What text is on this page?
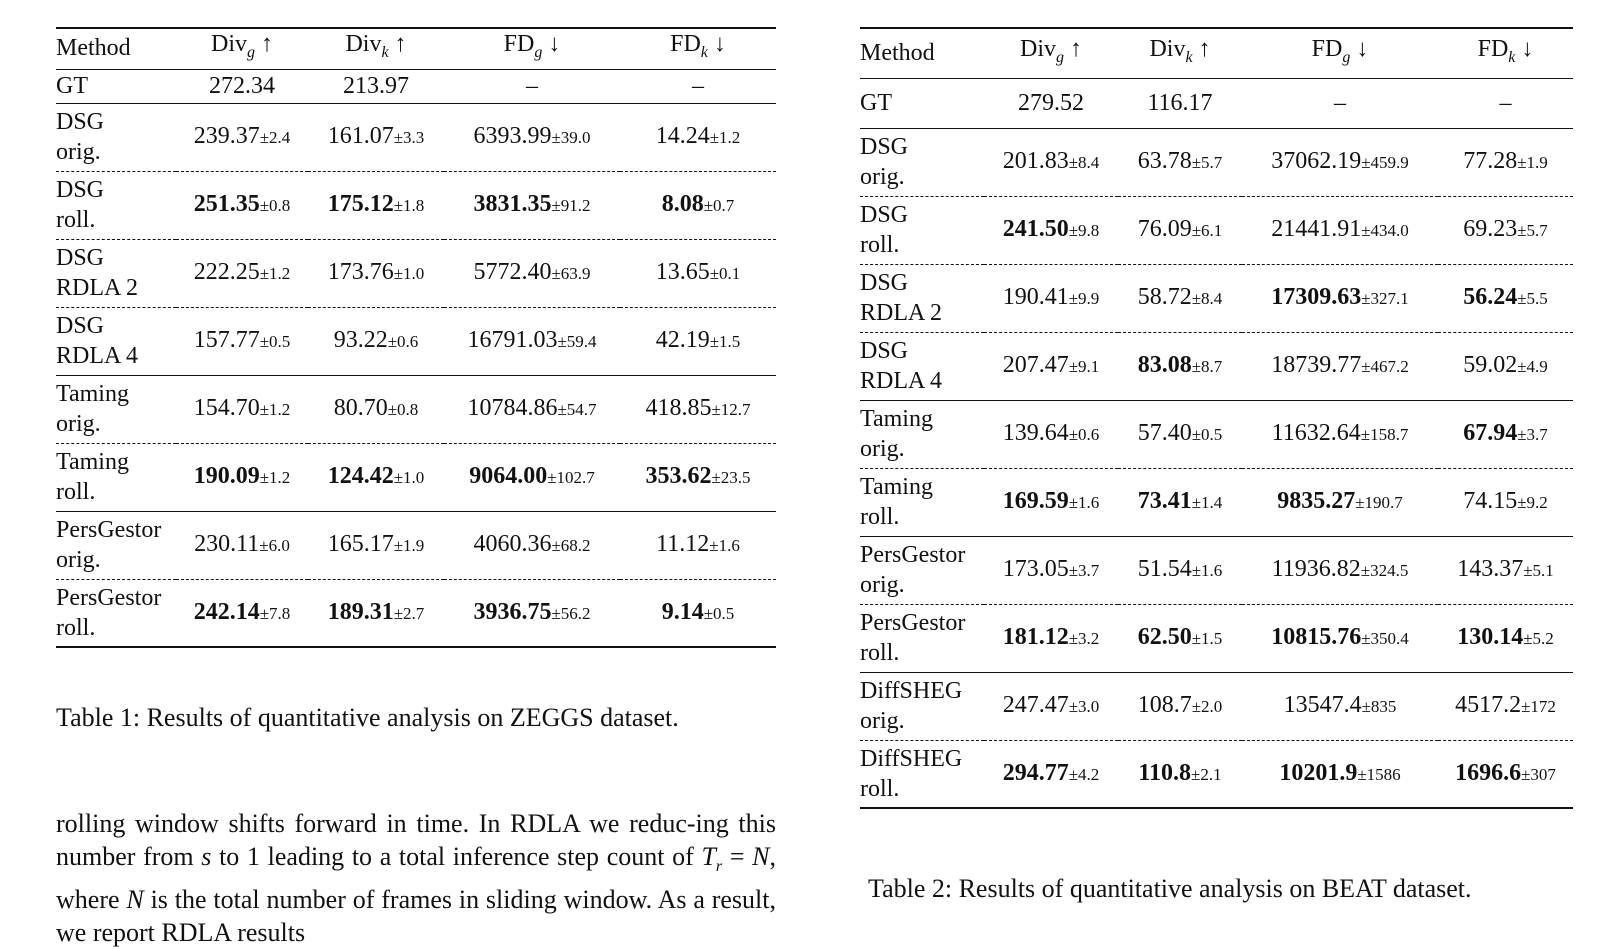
Method	Div$_g$ ↑	Div$_k$ ↑	$FD_g$ ↓	$FD_k$ ↓
GT	272.34	213.97	–	–
DSG
orig.	239.37±2.4	161.07±3.3	6393.99±39.0	14.24±1.2
DSG
roll.	251.35±0.8	175.12±1.8	3831.35±91.2	8.08±0.7
DSG
RDLA 2	222.25±1.2	173.76±1.0	5772.40±63.9	13.65±0.1
DSG
RDLA 4	157.77±0.5	93.22±0.6	16791.03±59.4	42.19±1.5
Taming
orig.	154.70±1.2	80.70±0.8	10784.86±54.7	418.85±12.7
Taming
roll.	190.09±1.2	124.42±1.0	9064.00±102.7	353.62±23.5
PersGestor
orig.	230.11±6.0	165.17±1.9	4060.36±68.2	11.12±1.6
PersGestor
roll.	242.14±7.8	189.31±2.7	3936.75±56.2	9.14±0.5
Table 1: Results of quantitative analysis on ZEGGS dataset.

rolling window shifts forward in time. In RDLA we reduc-ing this number from s to 1 leading to a total inference step count of $T_r = N$, where N is the total number of frames in sliding window. As a result, we report RDLA results

Method	Div$_g$ ↑	Div$_k$ ↑	$FD_g$ ↓	$FD_k$ ↓
GT	279.52	116.17	–	–
DSG
orig.	201.83±8.4	63.78±5.7	37062.19±459.9	77.28±1.9
DSG
roll.	241.50±9.8	76.09±6.1	21441.91±434.0	69.23±5.7
DSG
RDLA 2	190.41±9.9	58.72±8.4	17309.63±327.1	56.24±5.5
DSG
RDLA 4	207.47±9.1	83.08±8.7	18739.77±467.2	59.02±4.9
Taming
orig.	139.64±0.6	57.40±0.5	11632.64±158.7	67.94±3.7
Taming
roll.	169.59±1.6	73.41±1.4	9835.27±190.7	74.15±9.2
PersGestor
orig.	173.05±3.7	51.54±1.6	11936.82±324.5	143.37±5.1
PersGestor
roll.	181.12±3.2	62.50±1.5	10815.76±350.4	130.14±5.2
DiffSHEG
orig.	247.47±3.0	108.7±2.0	13547.4±835	4517.2±172
DiffSHEG
roll.	294.77±4.2	110.8±2.1	10201.9±1586	1696.6±307
Table 2: Results of quantitative analysis on BEAT dataset.
